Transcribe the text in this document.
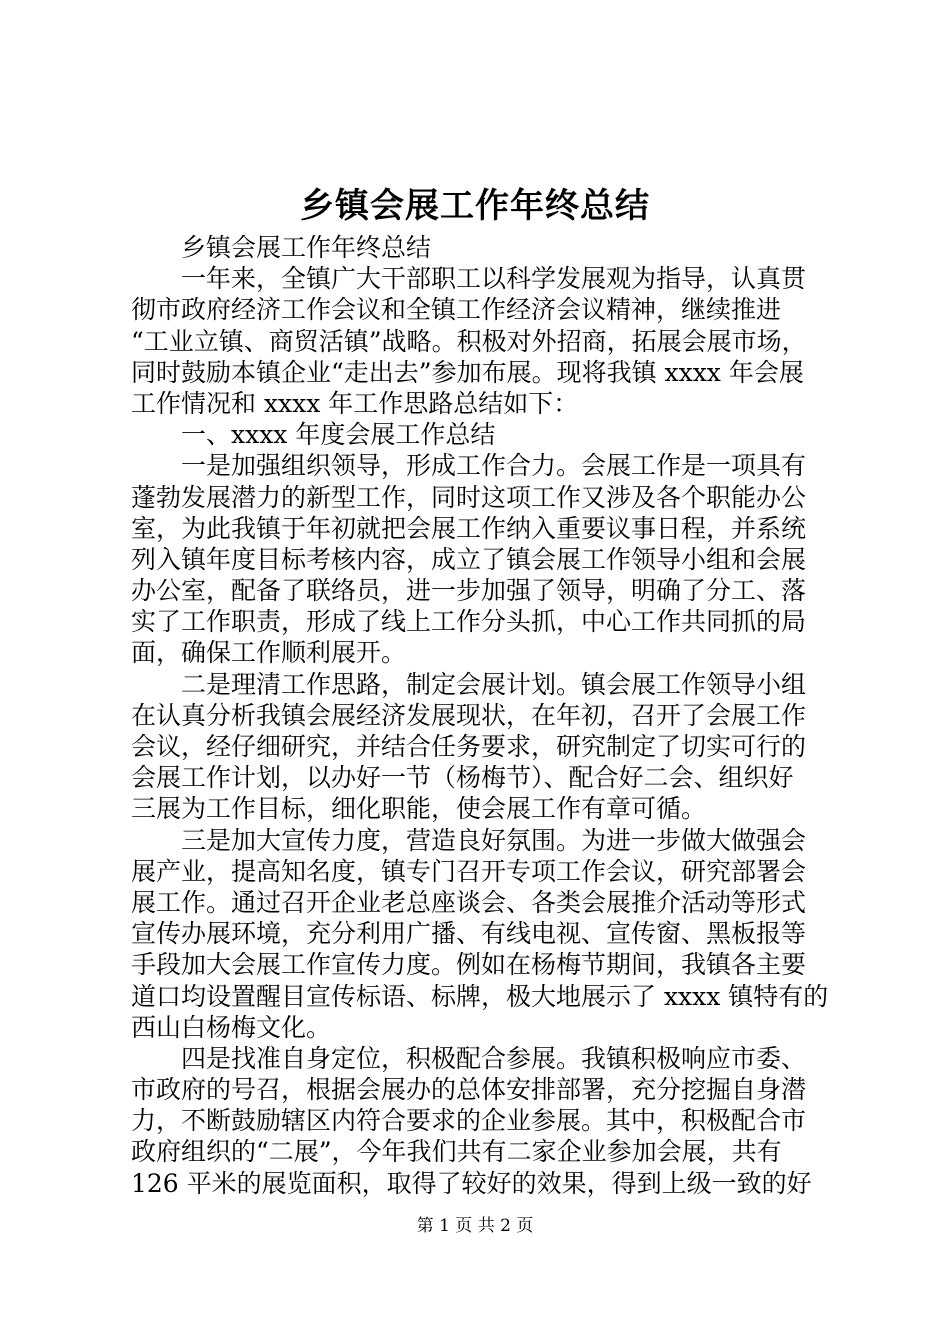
乡镇会展工作年终总结
　　乡镇会展工作年终总结
　　一年来，全镇广大干部职工以科学发展观为指导，认真贯
彻市政府经济工作会议和全镇工作经济会议精神，继续推进
“工业立镇、商贸活镇”战略。积极对外招商，拓展会展市场，
同时鼓励本镇企业“走出去”参加布展。现将我镇 xxxx 年会展
工作情况和 xxxx 年工作思路总结如下：
　　一、xxxx 年度会展工作总结
　　一是加强组织领导，形成工作合力。会展工作是一项具有
蓬勃发展潜力的新型工作，同时这项工作又涉及各个职能办公
室，为此我镇于年初就把会展工作纳入重要议事日程，并系统
列入镇年度目标考核内容，成立了镇会展工作领导小组和会展
办公室，配备了联络员，进一步加强了领导，明确了分工、落
实了工作职责，形成了线上工作分头抓，中心工作共同抓的局
面，确保工作顺利展开。
　　二是理清工作思路，制定会展计划。镇会展工作领导小组
在认真分析我镇会展经济发展现状，在年初，召开了会展工作
会议，经仔细研究，并结合任务要求，研究制定了切实可行的
会展工作计划，以办好一节（杨梅节）、配合好二会、组织好
三展为工作目标，细化职能，使会展工作有章可循。
　　三是加大宣传力度，营造良好氛围。为进一步做大做强会
展产业，提高知名度，镇专门召开专项工作会议，研究部署会
展工作。通过召开企业老总座谈会、各类会展推介活动等形式
宣传办展环境，充分利用广播、有线电视、宣传窗、黑板报等
手段加大会展工作宣传力度。例如在杨梅节期间，我镇各主要
道口均设置醒目宣传标语、标牌，极大地展示了 xxxx 镇特有的
西山白杨梅文化。
　　四是找准自身定位，积极配合参展。我镇积极响应市委、
市政府的号召，根据会展办的总体安排部署，充分挖掘自身潜
力，不断鼓励辖区内符合要求的企业参展。其中，积极配合市
政府组织的“二展”，今年我们共有二家企业参加会展，共有
126 平米的展览面积，取得了较好的效果，得到上级一致的好
第 1 页 共 2 页
